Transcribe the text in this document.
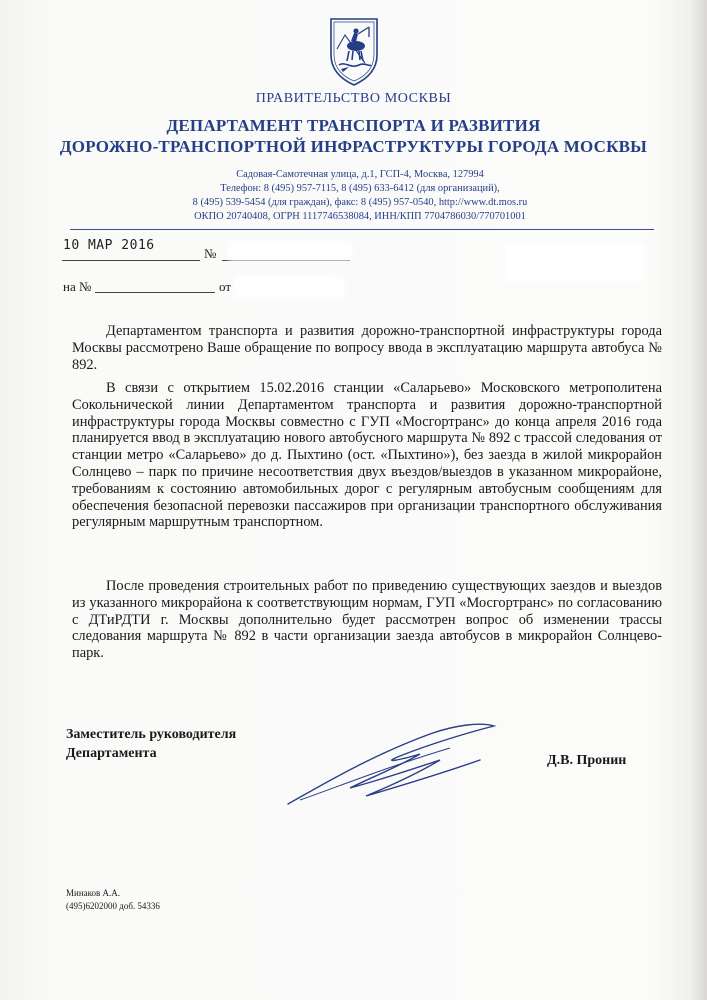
ПРАВИТЕЛЬСТВО МОСКВЫ
ДЕПАРТАМЕНТ ТРАНСПОРТА И РАЗВИТИЯ
ДОРОЖНО-ТРАНСПОРТНОЙ ИНФРАСТРУКТУРЫ ГОРОДА МОСКВЫ
Садовая-Самотечная улица, д.1, ГСП-4, Москва, 127994
Телефон: 8 (495) 957-7115, 8 (495) 633-6412 (для организаций),
8 (495) 539-5454 (для граждан), факс: 8 (495) 957-0540, http://www.dt.mos.ru
ОКПО 20740408, ОГРН 1117746538084, ИНН/КПП 7704786030/770701001
10 МАР 2016
№
на №	от

Департаментом транспорта и развития дорожно-транспортной инфраструктуры города Москвы рассмотрено Ваше обращение по вопросу ввода в эксплуатацию маршрута автобуса № 892.

В связи с открытием 15.02.2016 станции «Саларьево» Московского метрополитена Сокольнической линии Департаментом транспорта и развития дорожно-транспортной инфраструктуры города Москвы совместно с ГУП «Мосгортранс» до конца апреля 2016 года планируется ввод в эксплуатацию нового автобусного маршрута № 892 с трассой следования от станции метро «Саларьево» до д. Пыхтино (ост. «Пыхтино»), без заезда в жилой микрорайон Солнцево – парк по причине несоответствия двух въездов/выездов в указанном микрорайоне, требованиям к состоянию автомобильных дорог с регулярным автобусным сообщениям для обеспечения безопасной перевозки пассажиров при организации транспортного обслуживания регулярным маршрутным транспортном.

После проведения строительных работ по приведению существующих заездов и выездов из указанного микрорайона к соответствующим нормам, ГУП «Мосгортранс» по согласованию с ДТиРДТИ г. Москвы дополнительно будет рассмотрен вопрос об изменении трассы следования маршрута № 892 в части организации заезда автобусов в микрорайон Солнцево-парк.

Заместитель руководителя
Департамента	Д.В. Пронин
Минаков А.А.
(495)6202000 доб. 54336
